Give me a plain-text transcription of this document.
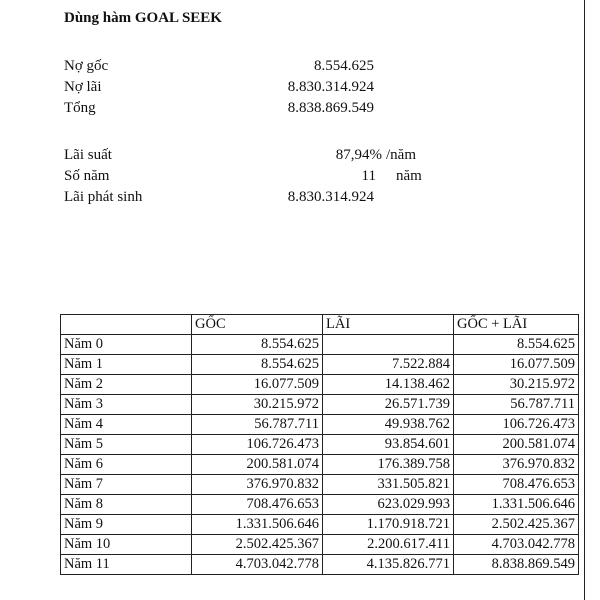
Dùng hàm GOAL SEEK
Nợ gốc	8.554.625
Nợ lãi	8.830.314.924
Tổng	8.838.869.549
Lãi suất	87,94% /năm
Số năm	11 năm
Lãi phát sinh	8.830.314.924
	GỐC	LÃI	GỐC + LÃI
Năm 0	8.554.625		8.554.625
Năm 1	8.554.625	7.522.884	16.077.509
Năm 2	16.077.509	14.138.462	30.215.972
Năm 3	30.215.972	26.571.739	56.787.711
Năm 4	56.787.711	49.938.762	106.726.473
Năm 5	106.726.473	93.854.601	200.581.074
Năm 6	200.581.074	176.389.758	376.970.832
Năm 7	376.970.832	331.505.821	708.476.653
Năm 8	708.476.653	623.029.993	1.331.506.646
Năm 9	1.331.506.646	1.170.918.721	2.502.425.367
Năm 10	2.502.425.367	2.200.617.411	4.703.042.778
Năm 11	4.703.042.778	4.135.826.771	8.838.869.549
